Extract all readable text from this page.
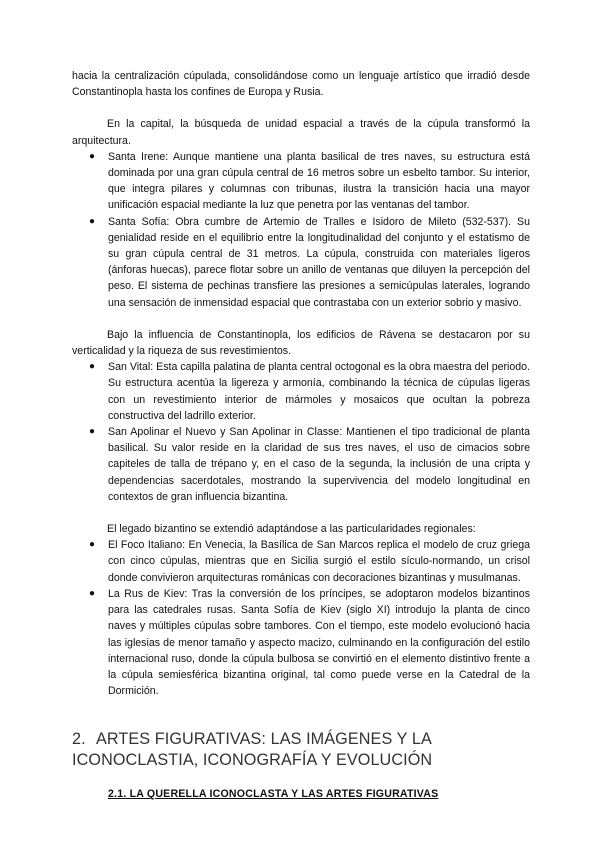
hacia la centralización cúpulada, consolidándose como un lenguaje artístico que irradió desde Constantinopla hasta los confines de Europa y Rusia.

En la capital, la búsqueda de unidad espacial a través de la cúpula transformó la arquitectura.

● Santa Irene: Aunque mantiene una planta basilical de tres naves, su estructura está dominada por una gran cúpula central de 16 metros sobre un esbelto tambor. Su interior, que integra pilares y columnas con tribunas, ilustra la transición hacia una mayor unificación espacial mediante la luz que penetra por las ventanas del tambor.
● Santa Sofía: Obra cumbre de Artemio de Tralles e Isidoro de Mileto (532-537). Su genialidad reside en el equilibrio entre la longitudinalidad del conjunto y el estatismo de su gran cúpula central de 31 metros. La cúpula, construida con materiales ligeros (ánforas huecas), parece flotar sobre un anillo de ventanas que diluyen la percepción del peso. El sistema de pechinas transfiere las presiones a semicúpulas laterales, logrando una sensación de inmensidad espacial que contrastaba con un exterior sobrio y masivo.

Bajo la influencia de Constantinopla, los edificios de Rávena se destacaron por su verticalidad y la riqueza de sus revestimientos.

● San Vital: Esta capilla palatina de planta central octogonal es la obra maestra del periodo. Su estructura acentúa la ligereza y armonía, combinando la técnica de cúpulas ligeras con un revestimiento interior de mármoles y mosaicos que ocultan la pobreza constructiva del ladrillo exterior.
● San Apolinar el Nuevo y San Apolinar in Classe: Mantienen el tipo tradicional de planta basilical. Su valor reside en la claridad de sus tres naves, el uso de cimacios sobre capiteles de talla de trépano y, en el caso de la segunda, la inclusión de una cripta y dependencias sacerdotales, mostrando la supervivencia del modelo longitudinal en contextos de gran influencia bizantina.

El legado bizantino se extendió adaptándose a las particularidades regionales:

● El Foco Italiano: En Venecia, la Basílica de San Marcos replica el modelo de cruz griega con cinco cúpulas, mientras que en Sicilia surgió el estilo sículo-normando, un crisol donde convivieron arquitecturas románicas con decoraciones bizantinas y musulmanas.
● La Rus de Kiev: Tras la conversión de los príncipes, se adoptaron modelos bizantinos para las catedrales rusas. Santa Sofía de Kiev (siglo XI) introdujo la planta de cinco naves y múltiples cúpulas sobre tambores. Con el tiempo, este modelo evolucionó hacia las iglesias de menor tamaño y aspecto macizo, culminando en la configuración del estilo internacional ruso, donde la cúpula bulbosa se convirtió en el elemento distintivo frente a la cúpula semiesférica bizantina original, tal como puede verse en la Catedral de la Dormición.
2. ARTES FIGURATIVAS: LAS IMÁGENES Y LA ICONOCLASTIA, ICONOGRAFÍA Y EVOLUCIÓN
2.1. LA QUERELLA ICONOCLASTA Y LAS ARTES FIGURATIVAS
